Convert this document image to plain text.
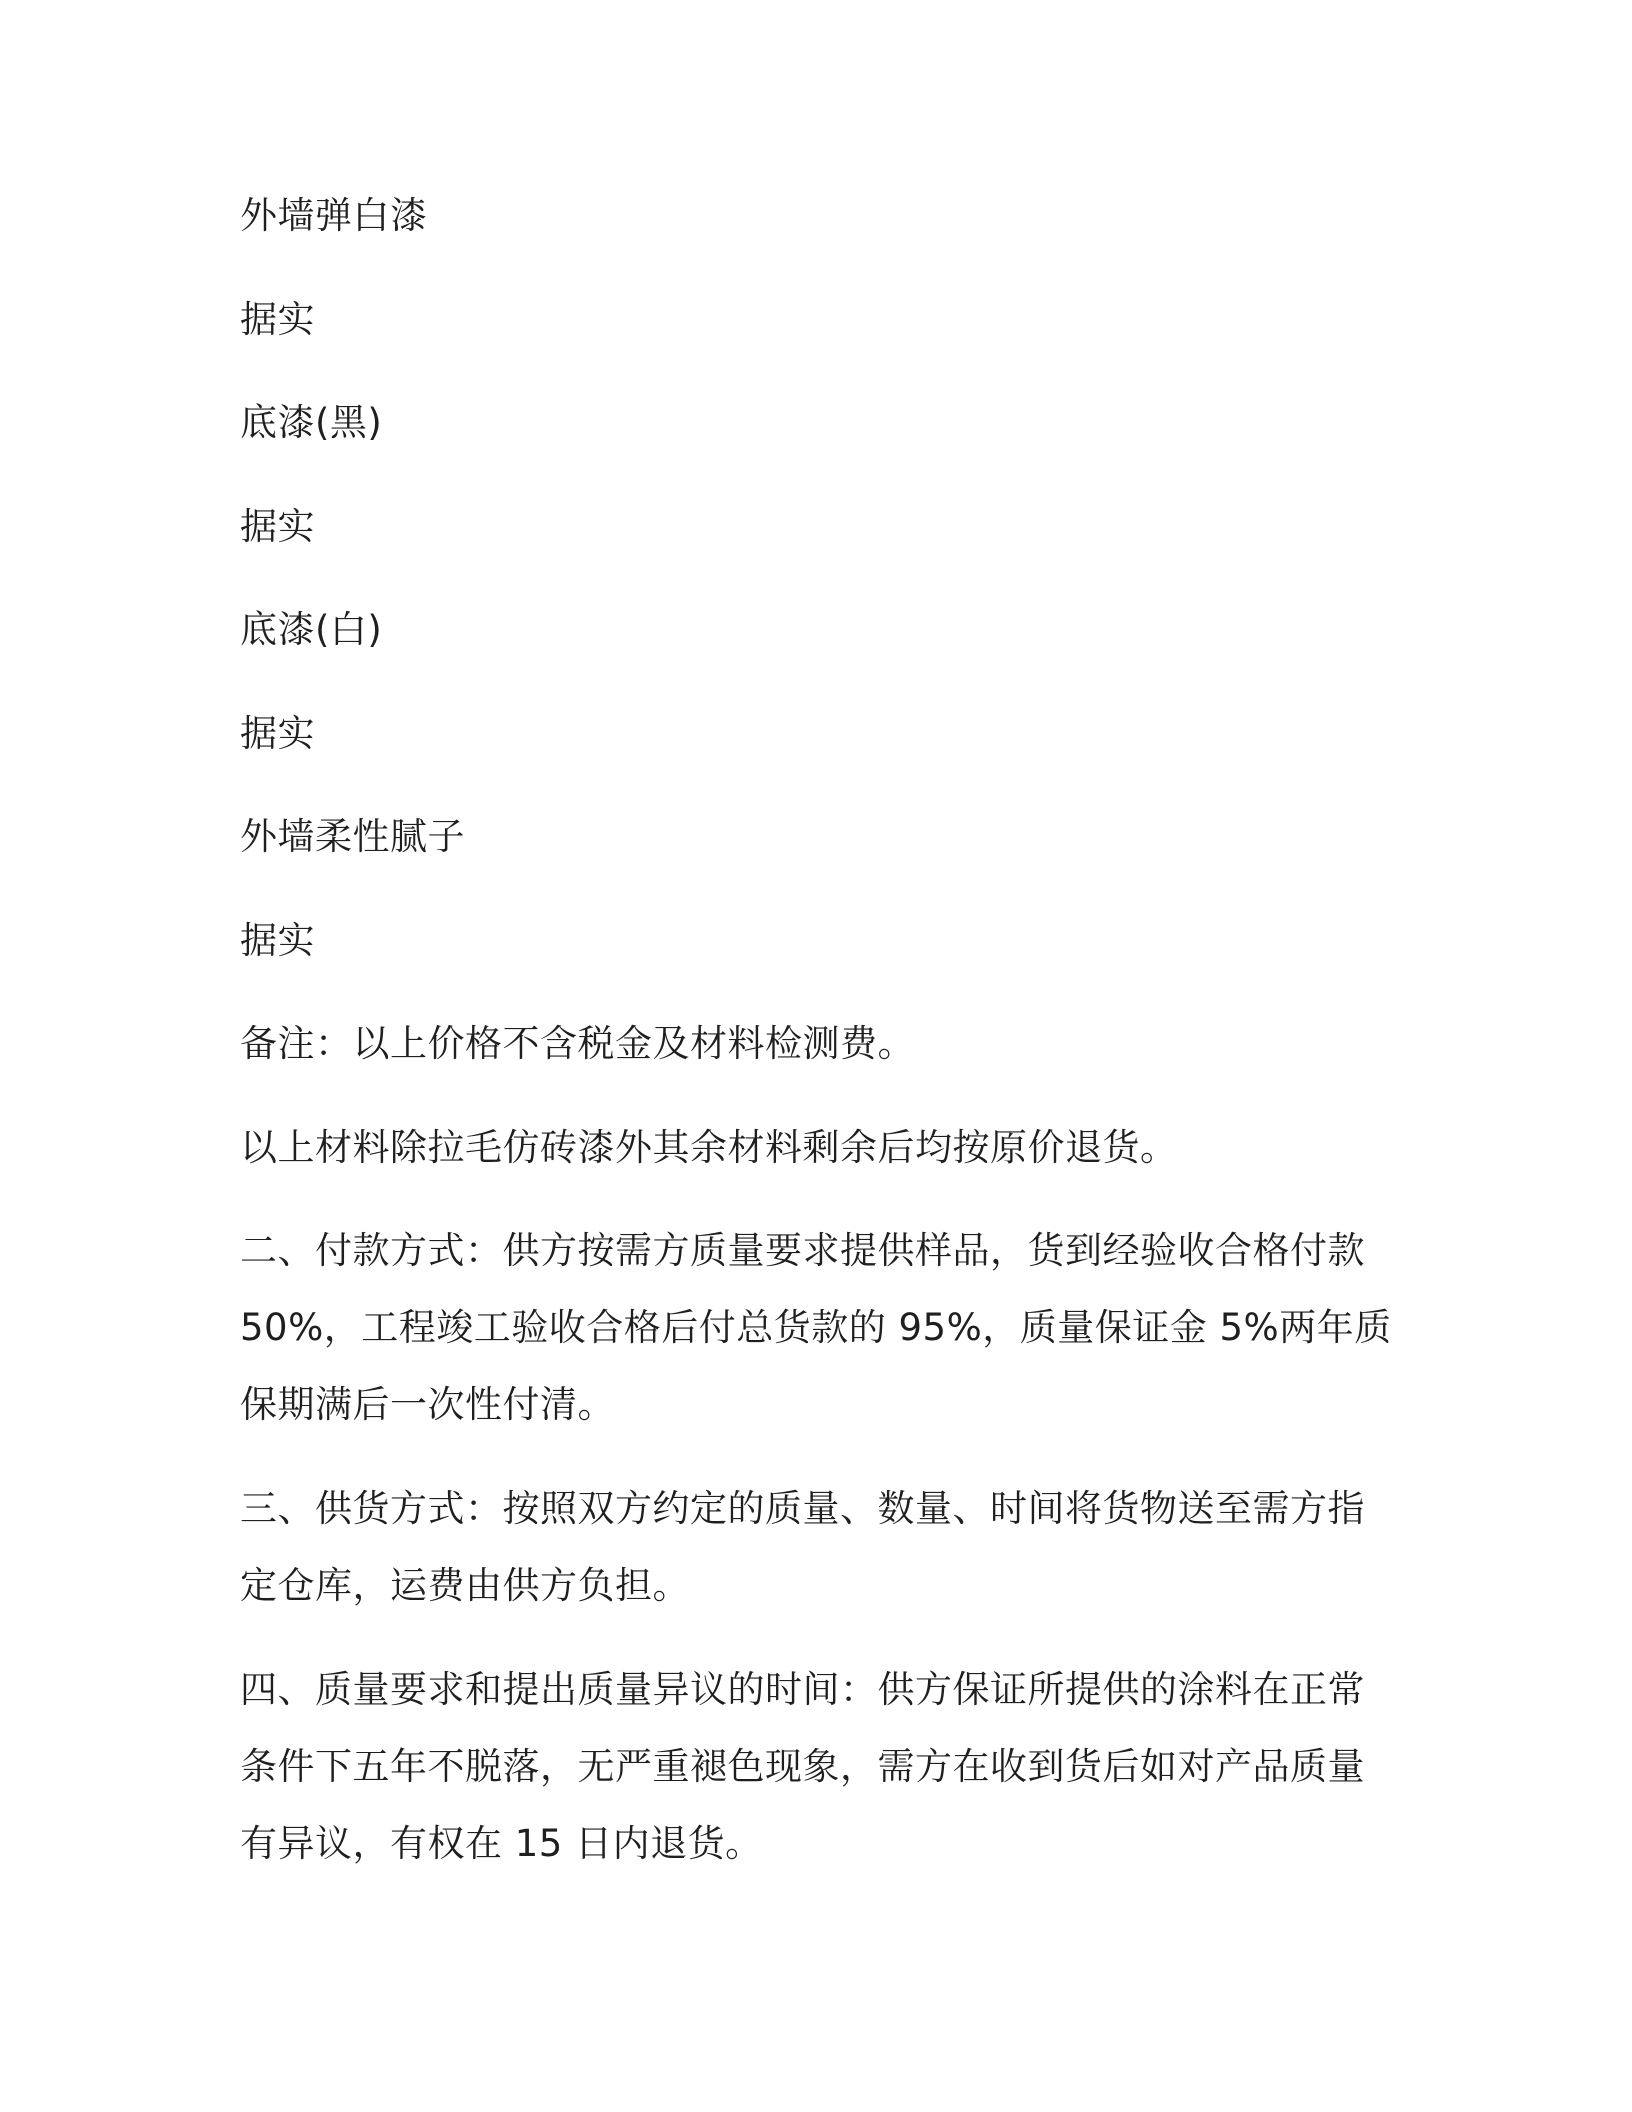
外墙弹白漆

据实

底漆(黑)

据实

底漆(白)

据实

外墙柔性腻子

据实

备注：以上价格不含税金及材料检测费。

以上材料除拉毛仿砖漆外其余材料剩余后均按原价退货。

二、付款方式：供方按需方质量要求提供样品，货到经验收合格付款
50%，工程竣工验收合格后付总货款的 95%，质量保证金 5%两年质
保期满后一次性付清。
三、供货方式：按照双方约定的质量、数量、时间将货物送至需方指
定仓库，运费由供方负担。
四、质量要求和提出质量异议的时间：供方保证所提供的涂料在正常
条件下五年不脱落，无严重褪色现象，需方在收到货后如对产品质量
有异议，有权在 15 日内退货。
